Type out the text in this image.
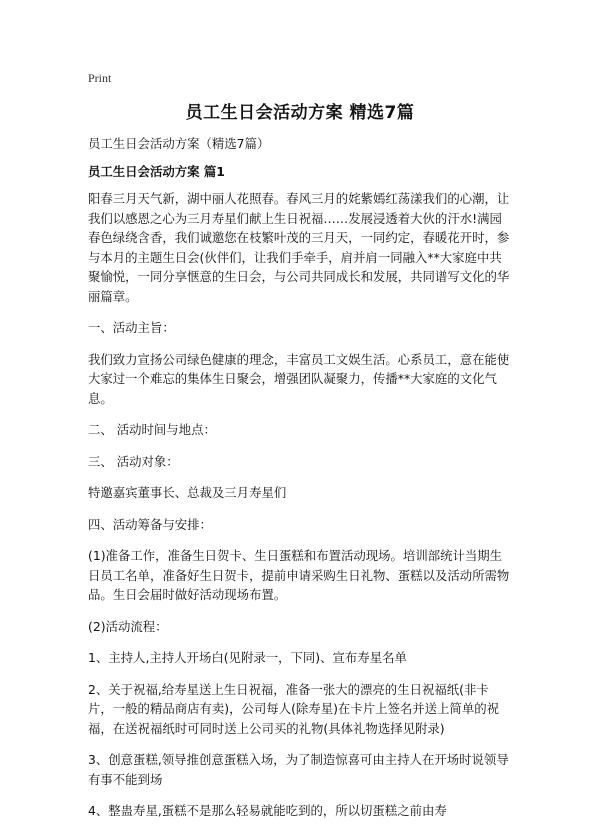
Print
员工生日会活动方案 精选7篇

员工生日会活动方案（精选7篇）

员工生日会活动方案 篇1

阳春三月天气新，湖中丽人花照春。春风三月的姹紫嫣红荡漾我们的心潮，让我们以感恩之心为三月寿星们献上生日祝福……发展浸透着大伙的汗水!满园春色绿绕含香，我们诚邀您在枝繁叶茂的三月天，一同约定，春暖花开时，参与本月的主题生日会(伙伴们，让我们手牵手，肩并肩一同融入**大家庭中共聚愉悦，一同分享惬意的生日会，与公司共同成长和发展，共同谱写文化的华丽篇章。

一、活动主旨：

我们致力宣扬公司绿色健康的理念，丰富员工文娱生活。心系员工，意在能使大家过一个难忘的集体生日聚会，增强团队凝聚力，传播**大家庭的文化气息。

二、 活动时间与地点：

三、 活动对象：

特邀嘉宾董事长、总裁及三月寿星们

四、活动筹备与安排：

(1)准备工作，准备生日贺卡、生日蛋糕和布置活动现场。培训部统计当期生日员工名单，准备好生日贺卡，提前申请采购生日礼物、蛋糕以及活动所需物品。生日会届时做好活动现场布置。

(2)活动流程：

1、主持人,主持人开场白(见附录一，下同)、宣布寿星名单

2、关于祝福,给寿星送上生日祝福，准备一张大的漂亮的生日祝福纸(非卡片，一般的精品商店有卖)，公司每人(除寿星)在卡片上签名并送上简单的祝福，在送祝福纸时可同时送上公司买的礼物(具体礼物选择见附录)

3、创意蛋糕,领导推创意蛋糕入场，为了制造惊喜可由主持人在开场时说领导有事不能到场

4、整蛊寿星,蛋糕不是那么轻易就能吃到的，所以切蛋糕之前由寿
